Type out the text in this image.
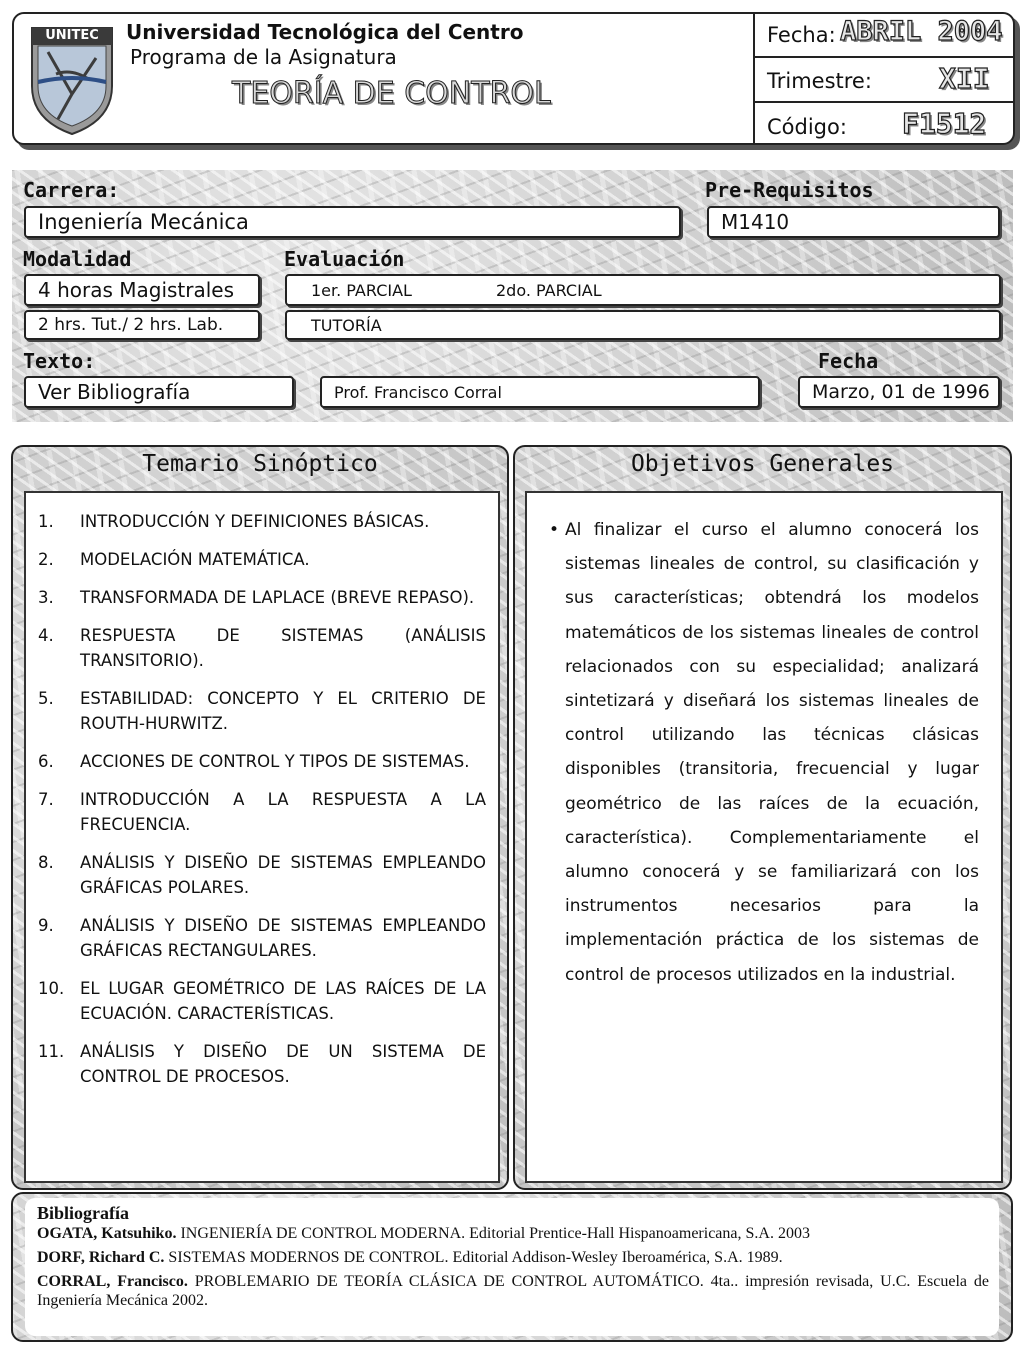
UNITEC	Universidad Tecnológica del Centro
Programa de la Asignatura
TEORÍA DE CONTROL
Fecha: ABRIL 2004
Trimestre: XII
Código: F1512
Carrera:	Pre-Requisitos
Ingeniería Mecánica	M1410
Modalidad	Evaluación
4 horas Magistrales	1er. PARCIAL	2do. PARCIAL
2 hrs. Tut./ 2 hrs. Lab.	TUTORÍA
Texto:	Fecha
Ver Bibliografía	Prof. Francisco Corral	Marzo, 01 de 1996
Temario Sinóptico
1.	INTRODUCCIÓN Y DEFINICIONES BÁSICAS.
2.	MODELACIÓN MATEMÁTICA.
3.	TRANSFORMADA DE LAPLACE (BREVE REPASO).
4.	RESPUESTA DE SISTEMAS (ANÁLISIS TRANSITORIO).
5.	ESTABILIDAD: CONCEPTO Y EL CRITERIO DE ROUTH-HURWITZ.
6.	ACCIONES DE CONTROL Y TIPOS DE SISTEMAS.
7.	INTRODUCCIÓN A LA RESPUESTA A LA FRECUENCIA.
8.	ANÁLISIS Y DISEÑO DE SISTEMAS EMPLEANDO GRÁFICAS POLARES.
9.	ANÁLISIS Y DISEÑO DE SISTEMAS EMPLEANDO GRÁFICAS RECTANGULARES.
10. EL LUGAR GEOMÉTRICO DE LAS RAÍCES DE LA ECUACIÓN. CARACTERÍSTICAS.
11. ANÁLISIS Y DISEÑO DE UN SISTEMA DE CONTROL DE PROCESOS.
Objetivos Generales
• Al finalizar el curso el alumno conocerá los sistemas lineales de control, su clasificación y sus características; obtendrá los modelos matemáticos de los sistemas lineales de control relacionados con su especialidad; analizará sintetizará y diseñará los sistemas lineales de control utilizando las técnicas clásicas disponibles (transitoria, frecuencial y lugar geométrico de las raíces de la ecuación, característica). Complementariamente el alumno conocerá y se familiarizará con los instrumentos necesarios para la implementación práctica de los sistemas de control de procesos utilizados en la industrial.
Bibliografía
OGATA, Katsuhiko. INGENIERÍA DE CONTROL MODERNA. Editorial Prentice-Hall Hispanoamericana, S.A. 2003
DORF, Richard C. SISTEMAS MODERNOS DE CONTROL. Editorial Addison-Wesley Iberoamérica, S.A. 1989.
CORRAL, Francisco. PROBLEMARIO DE TEORÍA CLÁSICA DE CONTROL AUTOMÁTICO. 4ta.. impresión revisada, U.C. Escuela de Ingeniería Mecánica 2002.
